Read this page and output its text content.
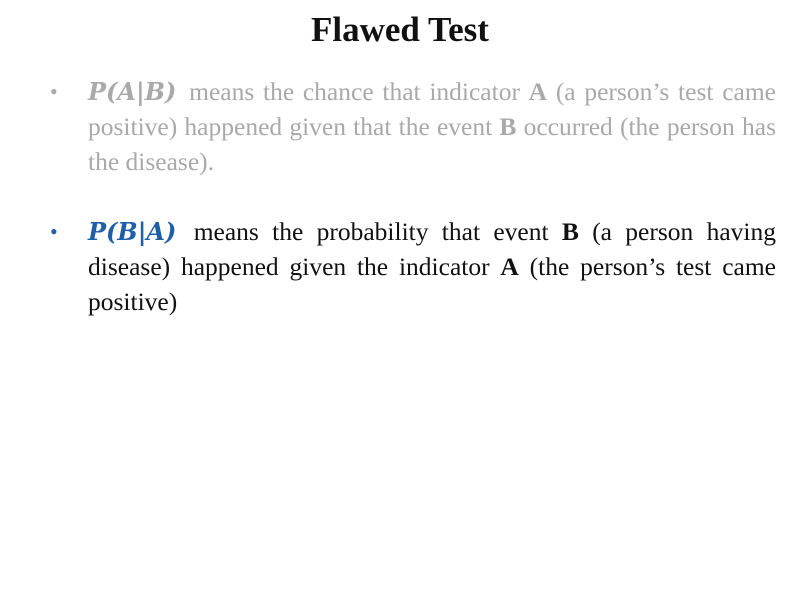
Flawed Test
• 𝑷(𝑨|𝑩) means the chance that indicator A (a person’s test came positive) happened given that the event B occurred (the person has the disease).
• 𝑷(𝑩|𝑨) means the probability that event B (a person having disease) happened given the indicator A (the person’s test came positive)
